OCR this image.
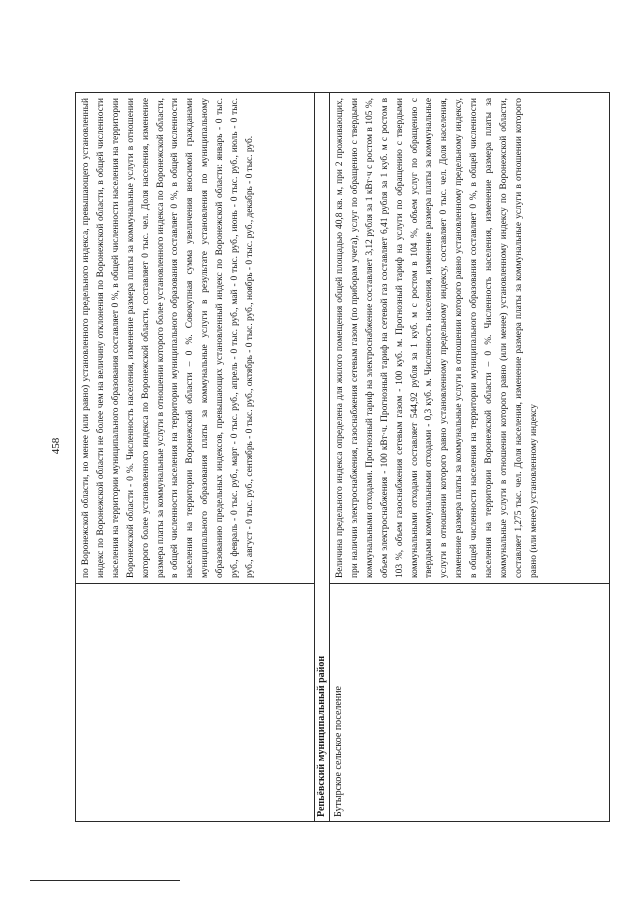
458	по Воронежской области, но менее (или равно) установленного предельного индекса, превышающего установленный индекс по Воронежской области не более чем на величину отклонения по Воронежской области, в общей численности населения на территории муниципального образования составляет 0 %, в общей численности населения на территории Воронежской области - 0 %. Численность населения, изменение размера платы за коммунальные услуги в отношении которого более установленного индекса по Воронежской области, составляет 0 тыс. чел. Доля населения, изменение размера платы за коммунальные услуги в отношении которого более установленного индекса по Воронежской области, в общей численности населения на территории муниципального образования составляет 0 %, в общей численности населения на территории Воронежской области – 0 %. Совокупная сумма увеличения вносимой гражданами муниципального образования платы за коммунальные услуги в результате установления по муниципальному образованию предельных индексов, превышающих установленный индекс по Воронежской области: январь - 0 тыс. руб., февраль - 0 тыс. руб., март - 0 тыс. руб., апрель - 0 тыс. руб., май - 0 тыс. руб., июнь - 0 тыс. руб., июль - 0 тыс. руб., август - 0 тыс. руб., сентябрь - 0 тыс. руб., октябрь - 0 тыс. руб., ноябрь - 0 тыс. руб., декабрь - 0 тыс. руб.
Репьёвский муниципальный район Бутырское сельское поселение
Величина предельного индекса определена для жилого помещения общей площадью 40,8 кв. м, при 2 проживающих, при наличии электроснабжения, газоснабжения сетевым газом (по приборам учета), услуг по обращению с твердыми коммунальными отходами. Прогнозный тариф на электроснабжение составляет 3,12 рубля за 1 кВт·ч с ростом в 105 %, объем электроснабжения - 100 кВт·ч. Прогнозный тариф на сетевой газ составляет 6,41 рубля за 1 куб. м с ростом в 103 %, объем газоснабжения сетевым газом - 100 куб. м. Прогнозный тариф на услуги по обращению с твердыми коммунальными отходами составляет 544,92 рубля за 1 куб. м с ростом в 104 %, объем услуг по обращению с твердыми коммунальными отходами - 0,3 куб. м. Численность населения, изменение размера платы за коммунальные услуги в отношении которого равно установленному предельному индексу, составляет 0 тыс. чел. Доля населения, изменение размера платы за коммунальные услуги в отношении которого равно установленному предельному индексу, в общей численности населения на территории муниципального образования составляет 0 %, в общей численности населения на территории Воронежской области – 0 %. Численность населения, изменение размера платы за коммунальные услуги в отношении которого равно (или менее) установленному индексу по Воронежской области, составляет 1,275 тыс. чел. Доля населения, изменение размера платы за коммунальные услуги в отношении которого равно (или менее) установленному индексу
